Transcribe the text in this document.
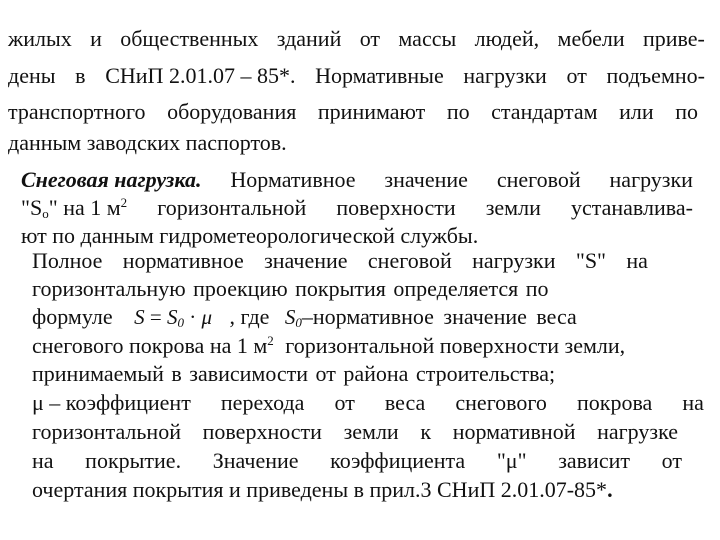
жилых и общественных зданий от массы людей, мебели приве-
дены в СНиП 2.01.07 – 85*. Нормативные нагрузки от подъемно-
транспортного оборудования принимают по стандартам или по
данным заводских паспортов.
Снеговая нагрузка. Нормативное значение снеговой нагрузки
"$S_o$" на 1 $м^2$ горизонтальной поверхности земли устанавлива-
ют по данным гидрометеорологической службы.
Полное нормативное значение снеговой нагрузки "S" на
горизонтальную проекцию покрытия определяется по
формуле $S = S_0 \cdot \mu$ , где $S_0$–нормативное значение веса
снегового покрова на 1 $м^2$ горизонтальной поверхности земли,
принимаемый в зависимости от района строительства;
μ – коэффициент перехода от веса снегового покрова на
горизонтальной поверхности земли к нормативной нагрузке
на покрытие. Значение коэффициента "μ" зависит от
очертания покрытия и приведены в прил.3 СНиП 2.01.07-85*.
